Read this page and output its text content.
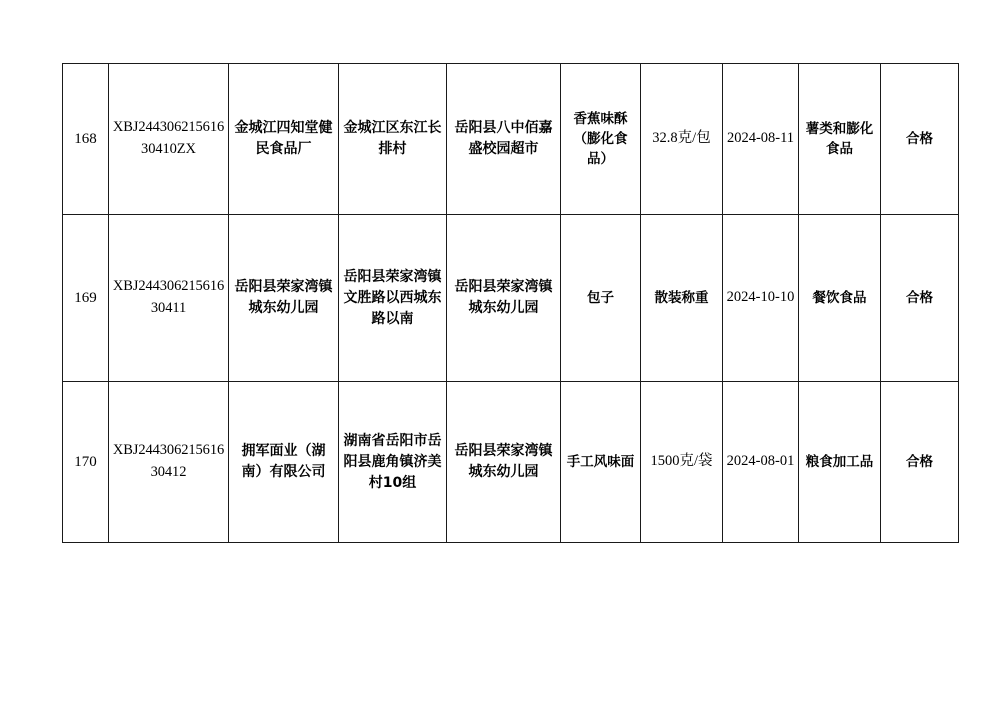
168	XBJ24430621561630410ZX	金城江四知堂健民食品厂	金城江区东江长排村	岳阳县八中佰嘉盛校园超市	香蕉味酥（膨化食品）	32.8克/包	2024-08-11	薯类和膨化食品	合格
169	XBJ24430621561630411	岳阳县荣家湾镇城东幼儿园	岳阳县荣家湾镇文胜路以西城东路以南	岳阳县荣家湾镇城东幼儿园	包子	散装称重	2024-10-10	餐饮食品	合格
170	XBJ24430621561630412	拥军面业（湖南）有限公司	湖南省岳阳市岳阳县鹿角镇济美村10组	岳阳县荣家湾镇城东幼儿园	手工风味面	1500克/袋	2024-08-01	粮食加工品	合格
